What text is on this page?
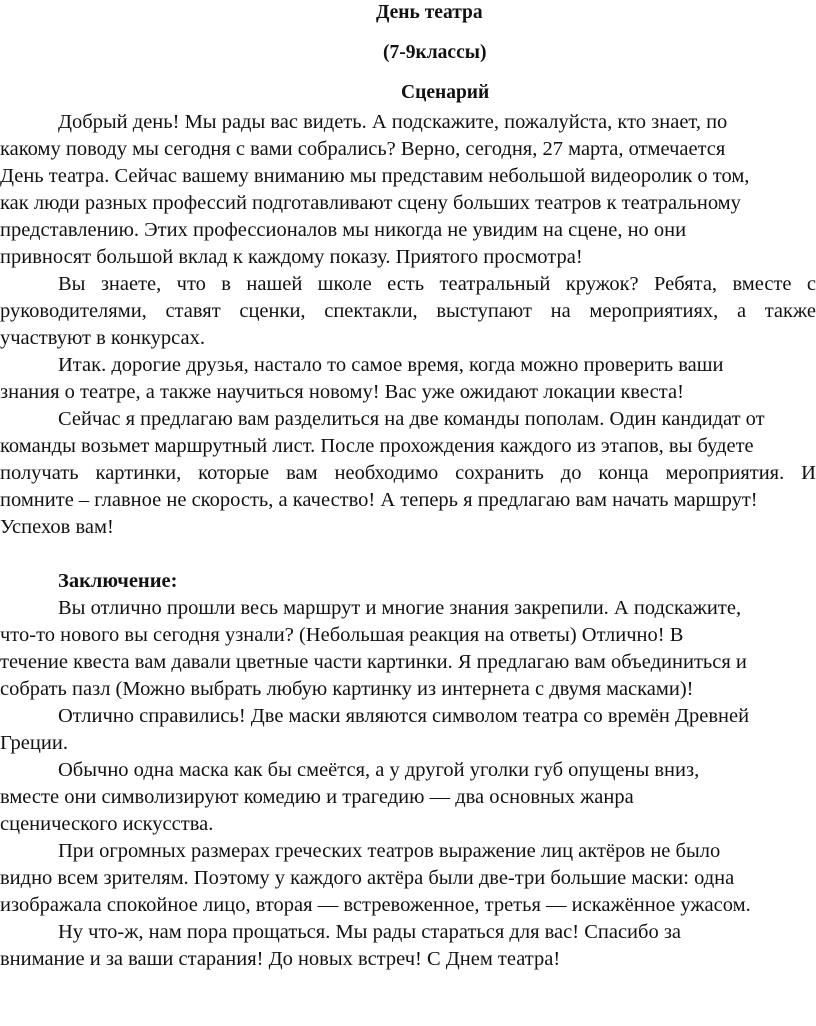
День театра
(7-9классы)
Сценарий
Добрый день! Мы рады вас видеть. А подскажите, пожалуйста, кто знает, по
какому поводу мы сегодня с вами собрались? Верно, сегодня, 27 марта, отмечается
День театра. Сейчас вашему вниманию мы представим небольшой видеоролик о том,
как люди разных профессий подготавливают сцену больших театров к театральному
представлению. Этих профессионалов мы никогда не увидим на сцене, но они
привносят большой вклад к каждому показу. Приятого просмотра!
Вы знаете, что в нашей школе есть театральный кружок? Ребята, вместе с
руководителями, ставят сценки, спектакли, выступают на мероприятиях, а также
участвуют в конкурсах.
Итак. дорогие друзья, настало то самое время, когда можно проверить ваши
знания о театре, а также научиться новому! Вас уже ожидают локации квеста!
Сейчас я предлагаю вам разделиться на две команды пополам. Один кандидат от
команды возьмет маршрутный лист. После прохождения каждого из этапов, вы будете
получать картинки, которые вам необходимо сохранить до конца мероприятия. И
помните – главное не скорость, а качество! А теперь я предлагаю вам начать маршрут!
Успехов вам!
Заключение:
Вы отлично прошли весь маршрут и многие знания закрепили. А подскажите,
что-то нового вы сегодня узнали? (Небольшая реакция на ответы) Отлично! В
течение квеста вам давали цветные части картинки. Я предлагаю вам объединиться и
собрать пазл (Можно выбрать любую картинку из интернета с двумя масками)!
Отлично справились! Две маски являются символом театра со времён Древней
Греции.
Обычно одна маска как бы смеётся, а у другой уголки губ опущены вниз,
вместе они символизируют комедию и трагедию — два основных жанра
сценического искусства.
При огромных размерах греческих театров выражение лиц актёров не было
видно всем зрителям. Поэтому у каждого актёра были две-три большие маски: одна
изображала спокойное лицо, вторая — встревоженное, третья — искажённое ужасом.
Ну что-ж, нам пора прощаться. Мы рады стараться для вас! Спасибо за
внимание и за ваши старания! До новых встреч! С Днем театра!
